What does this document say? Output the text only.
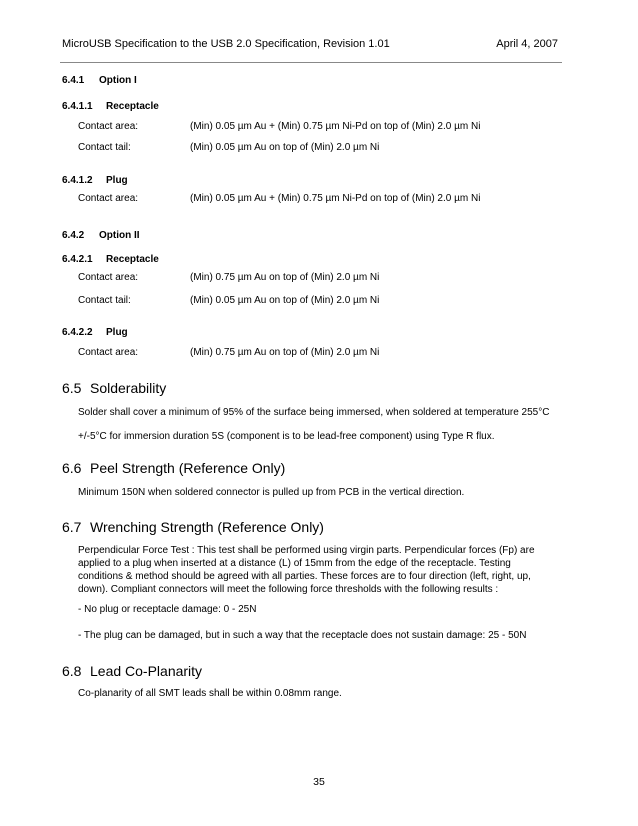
MicroUSB Specification to the USB 2.0 Specification, Revision 1.01	April 4, 2007
6.4.1 Option I
6.4.1.1 Receptacle
Contact area:	(Min) 0.05 µm Au + (Min) 0.75 µm Ni-Pd on top of (Min) 2.0 µm Ni
Contact tail:	(Min) 0.05 µm Au on top of (Min) 2.0 µm Ni
6.4.1.2 Plug
Contact area:	(Min) 0.05 µm Au + (Min) 0.75 µm Ni-Pd on top of (Min) 2.0 µm Ni
6.4.2 Option II
6.4.2.1 Receptacle
Contact area:	(Min) 0.75 µm Au on top of (Min) 2.0 µm Ni
Contact tail:	(Min) 0.05 µm Au on top of (Min) 2.0 µm Ni
6.4.2.2 Plug
Contact area:	(Min) 0.75 µm Au on top of (Min) 2.0 µm Ni
6.5 Solderability
Solder shall cover a minimum of 95% of the surface being immersed, when soldered at temperature 255°C
+/-5°C for immersion duration 5S (component is to be lead-free component) using Type R flux.
6.6 Peel Strength (Reference Only)
Minimum 150N when soldered connector is pulled up from PCB in the vertical direction.
6.7 Wrenching Strength (Reference Only)
Perpendicular Force Test : This test shall be performed using virgin parts. Perpendicular forces (Fp) are
applied to a plug when inserted at a distance (L) of 15mm from the edge of the receptacle. Testing
conditions & method should be agreed with all parties. These forces are to four direction (left, right, up,
down). Compliant connectors will meet the following force thresholds with the following results :
- No plug or receptacle damage: 0 - 25N
- The plug can be damaged, but in such a way that the receptacle does not sustain damage: 25 - 50N
6.8 Lead Co-Planarity
Co-planarity of all SMT leads shall be within 0.08mm range.
35
